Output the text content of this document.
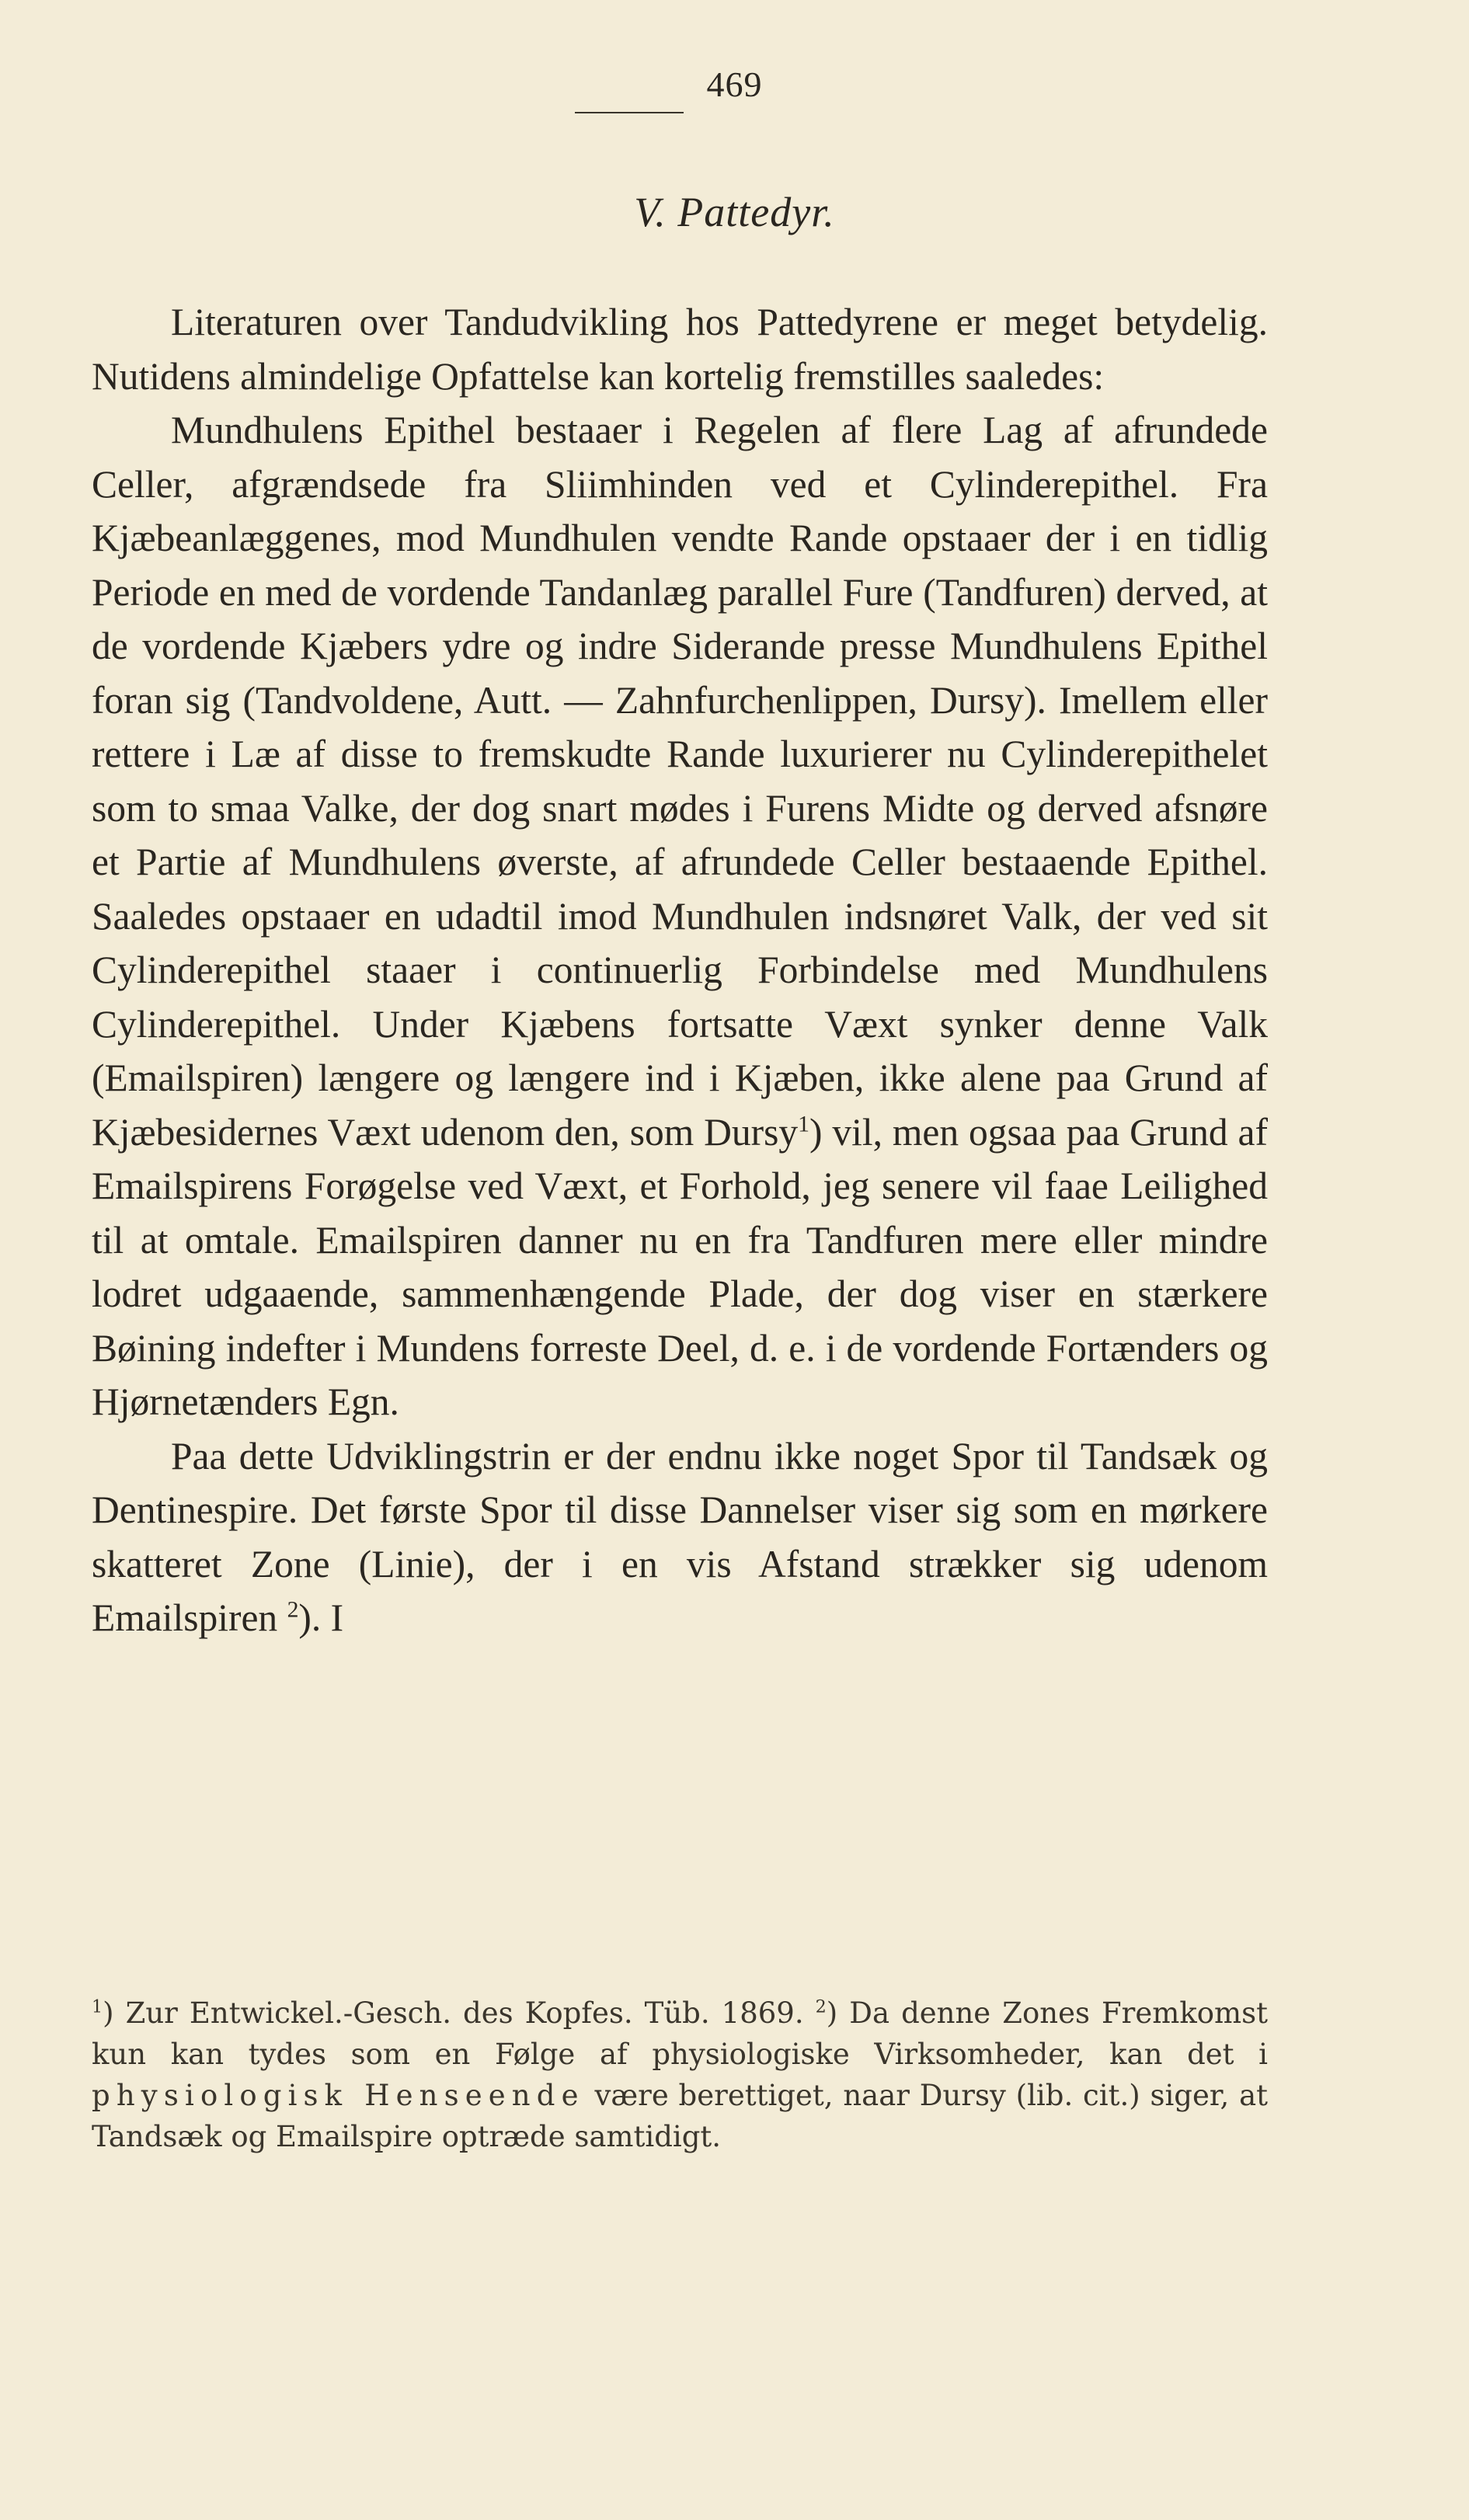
469
V. Pattedyr.

Literaturen over Tandudvikling hos Pattedyrene er meget betydelig. Nutidens almindelige Opfattelse kan kortelig fremstilles saaledes:

Mundhulens Epithel bestaaer i Regelen af flere Lag af afrundede Celler, afgrændsede fra Sliimhinden ved et Cylinderepithel. Fra Kjæbeanlæggenes, mod Mundhulen vendte Rande opstaaer der i en tidlig Periode en med de vordende Tandanlæg parallel Fure (Tandfuren) derved, at de vordende Kjæbers ydre og indre Siderande presse Mundhulens Epithel foran sig (Tandvoldene, Autt. — Zahnfurchenlippen, Dursy). Imellem eller rettere i Læ af disse to fremskudte Rande luxurierer nu Cylinderepithelet som to smaa Valke, der dog snart mødes i Furens Midte og derved afsnøre et Partie af Mundhulens øverste, af afrundede Celler bestaaende Epithel. Saaledes opstaaer en udadtil imod Mundhulen indsnøret Valk, der ved sit Cylinderepithel staaer i continuerlig Forbindelse med Mundhulens Cylinderepithel. Under Kjæbens fortsatte Væxt synker denne Valk (Emailspiren) længere og længere ind i Kjæben, ikke alene paa Grund af Kjæbesidernes Væxt udenom den, som Dursy$^1$) vil, men ogsaa paa Grund af Emailspirens Forøgelse ved Væxt, et Forhold, jeg senere vil faae Leilighed til at omtale. Emailspiren danner nu en fra Tandfuren mere eller mindre lodret udgaaende, sammenhængende Plade, der dog viser en stærkere Bøining indefter i Mundens forreste Deel, d. e. i de vordende Fortænders og Hjørnetænders Egn.

Paa dette Udviklingstrin er der endnu ikke noget Spor til Tandsæk og Dentinespire. Det første Spor til disse Dannelser viser sig som en mørkere skatteret Zone (Linie), der i en vis Afstand strækker sig udenom Emailspiren $^2$). I

$^1$) Zur Entwickel.-Gesch. des Kopfes. Tüb. 1869. $^2$) Da denne Zones Fremkomst kun kan tydes som en Følge af physiologiske Virksomheder, kan det i physiologisk Henseende være berettiget, naar Dursy (lib. cit.) siger, at Tandsæk og Emailspire optræde samtidigt.
